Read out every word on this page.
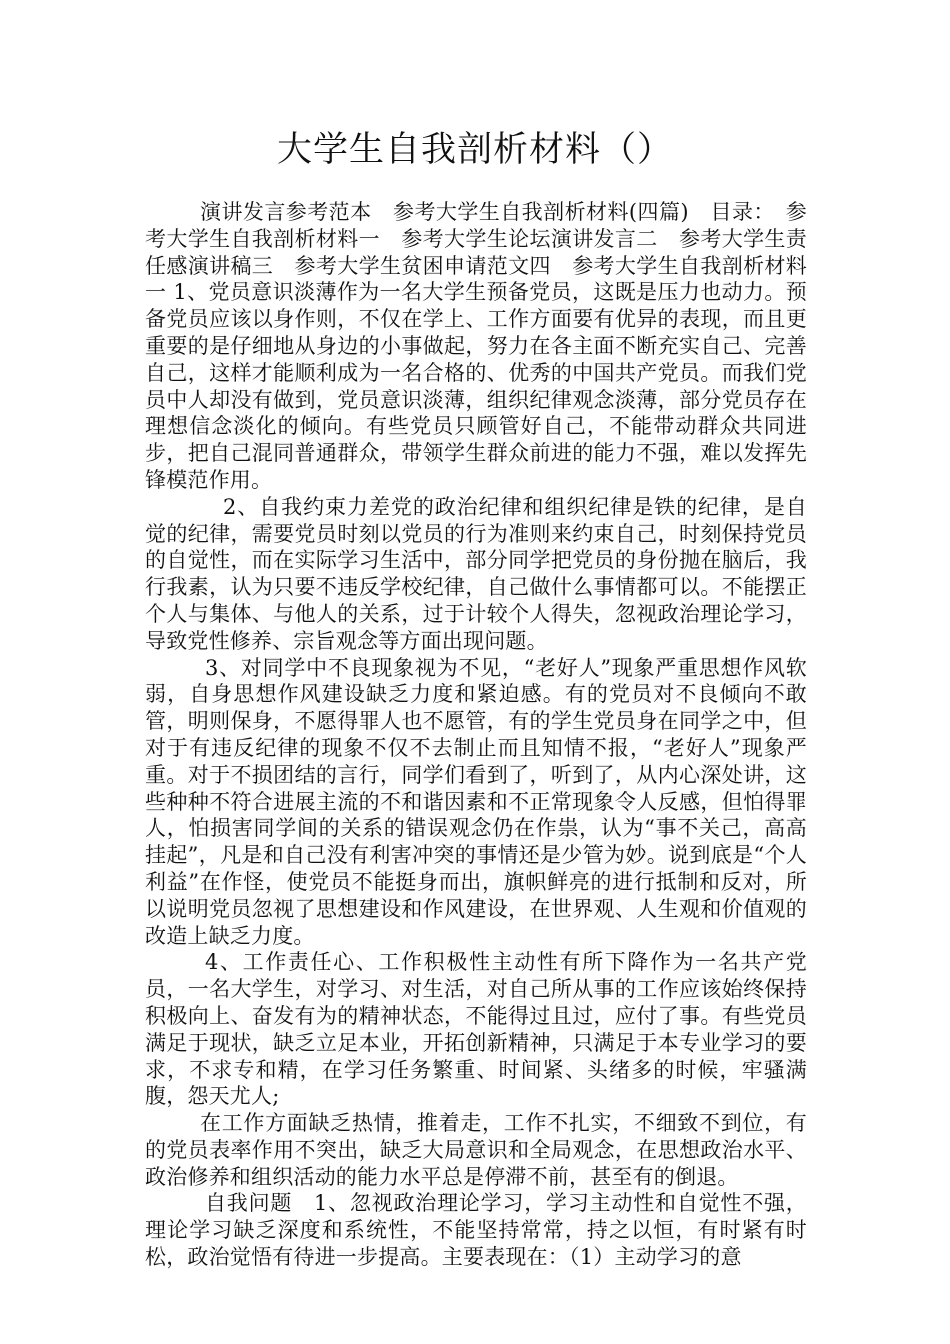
大学生自我剖析材料（）

演讲发言参考范本　参考大学生自我剖析材料(四篇)　目录：　参考大学生自我剖析材料一　参考大学生论坛演讲发言二　参考大学生责任感演讲稿三　参考大学生贫困申请范文四　参考大学生自我剖析材料一 1、党员意识淡薄作为一名大学生预备党员，这既是压力也动力。预备党员应该以身作则，不仅在学上、工作方面要有优异的表现，而且更重要的是仔细地从身边的小事做起，努力在各主面不断充实自己、完善自己，这样才能顺利成为一名合格的、优秀的中国共产党员。而我们党员中人却没有做到，党员意识淡薄，组织纪律观念淡薄，部分党员存在理想信念淡化的倾向。有些党员只顾管好自己，不能带动群众共同进步，把自己混同普通群众，带领学生群众前进的能力不强，难以发挥先锋模范作用。

2、自我约束力差党的政治纪律和组织纪律是铁的纪律，是自觉的纪律，需要党员时刻以党员的行为准则来约束自己，时刻保持党员的自觉性，而在实际学习生活中，部分同学把党员的身份抛在脑后，我行我素，认为只要不违反学校纪律，自己做什么事情都可以。不能摆正个人与集体、与他人的关系，过于计较个人得失，忽视政治理论学习，导致党性修养、宗旨观念等方面出现问题。

3、对同学中不良现象视为不见，“老好人”现象严重思想作风软弱，自身思想作风建设缺乏力度和紧迫感。有的党员对不良倾向不敢管，明则保身，不愿得罪人也不愿管，有的学生党员身在同学之中，但对于有违反纪律的现象不仅不去制止而且知情不报，“老好人”现象严重。对于不损团结的言行，同学们看到了，听到了，从内心深处讲，这些种种不符合进展主流的不和谐因素和不正常现象令人反感，但怕得罪人，怕损害同学间的关系的错误观念仍在作祟，认为“事不关己，高高挂起”，凡是和自己没有利害冲突的事情还是少管为妙。说到底是“个人利益”在作怪，使党员不能挺身而出，旗帜鲜亮的进行抵制和反对，所以说明党员忽视了思想建设和作风建设，在世界观、人生观和价值观的改造上缺乏力度。

4、工作责任心、工作积极性主动性有所下降作为一名共产党员，一名大学生，对学习、对生活，对自己所从事的工作应该始终保持积极向上、奋发有为的精神状态，不能得过且过，应付了事。有些党员满足于现状，缺乏立足本业，开拓创新精神，只满足于本专业学习的要求，不求专和精，在学习任务繁重、时间紧、头绪多的时候，牢骚满腹，怨天尤人;

在工作方面缺乏热情，推着走，工作不扎实，不细致不到位，有的党员表率作用不突出，缺乏大局意识和全局观念，在思想政治水平、政治修养和组织活动的能力水平总是停滞不前，甚至有的倒退。

自我问题　1、忽视政治理论学习，学习主动性和自觉性不强，理论学习缺乏深度和系统性，不能坚持常常，持之以恒，有时紧有时松，政治觉悟有待进一步提高。主要表现在：（1）主动学习的意
